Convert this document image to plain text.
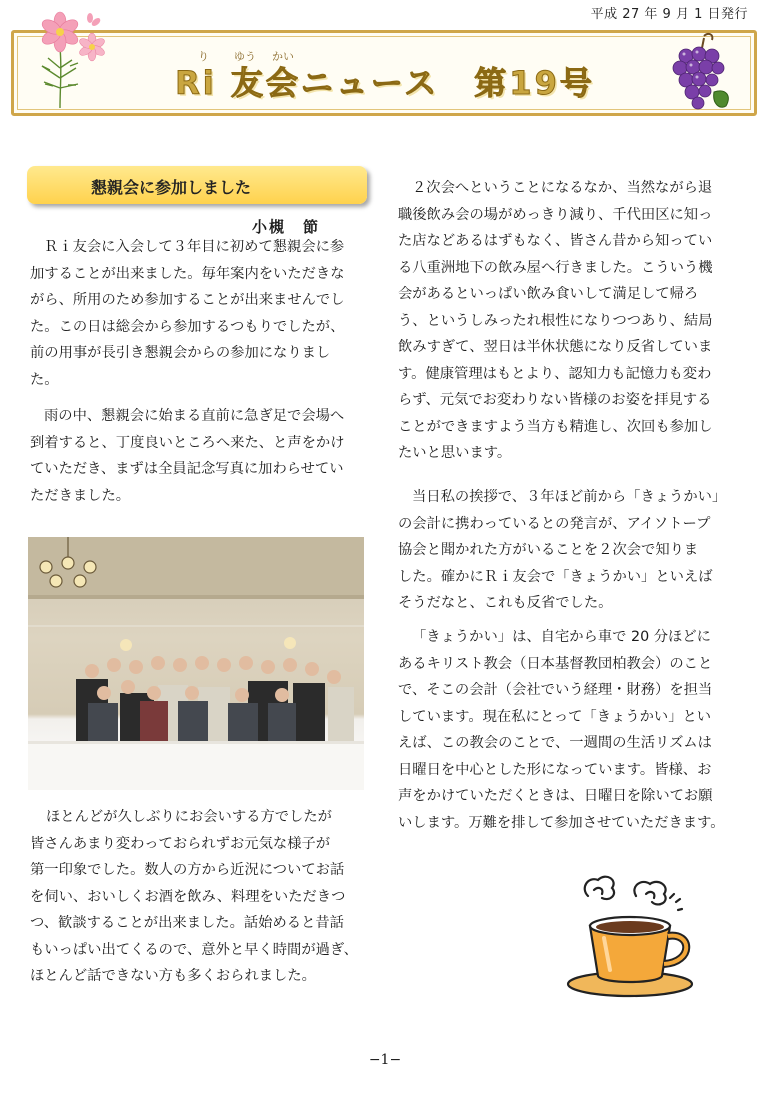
平成 27 年 9 月 1 日発行
り ゆう かい
Ri 友会ニュース　第19号
懇親会に参加しました
小槻　節
Ｒｉ友会に入会して３年目に初めて懇親会に参
加することが出来ました。毎年案内をいただきな
がら、所用のため参加することが出来ませんでし
た。この日は総会から参加するつもりでしたが、
前の用事が長引き懇親会からの参加になりまし
た。
雨の中、懇親会に始まる直前に急ぎ足で会場へ
到着すると、丁度良いところへ来た、と声をかけ
ていただき、まずは全員記念写真に加わらせてい
ただきました。
ほとんどが久しぶりにお会いする方でしたが
皆さんあまり変わっておられずお元気な様子が
第一印象でした。数人の方から近況についてお話
を伺い、おいしくお酒を飲み、料理をいただきつ
つ、歓談することが出来ました。話始めると昔話
もいっぱい出てくるので、意外と早く時間が過ぎ、
ほとんど話できない方も多くおられました。
２次会へということになるなか、当然ながら退
職後飲み会の場がめっきり減り、千代田区に知っ
た店などあるはずもなく、皆さん昔から知ってい
る八重洲地下の飲み屋へ行きました。こういう機
会があるといっぱい飲み食いして満足して帰ろ
う、というしみったれ根性になりつつあり、結局
飲みすぎて、翌日は半休状態になり反省していま
す。健康管理はもとより、認知力も記憶力も変わ
らず、元気でお変わりない皆様のお姿を拝見する
ことができますよう当方も精進し、次回も参加し
たいと思います。
当日私の挨拶で、３年ほど前から「きょうかい」
の会計に携わっているとの発言が、アイソトープ
協会と聞かれた方がいることを２次会で知りま
した。確かにＲｉ友会で「きょうかい」といえば
そうだなと、これも反省でした。
「きょうかい」は、自宅から車で 20 分ほどに
あるキリスト教会（日本基督教団柏教会）のこと
で、そこの会計（会社でいう経理・財務）を担当
しています。現在私にとって「きょうかい」とい
えば、この教会のことで、一週間の生活リズムは
日曜日を中心とした形になっています。皆様、お
声をかけていただくときは、日曜日を除いてお願
いします。万難を排して参加させていただきます。
−1−
